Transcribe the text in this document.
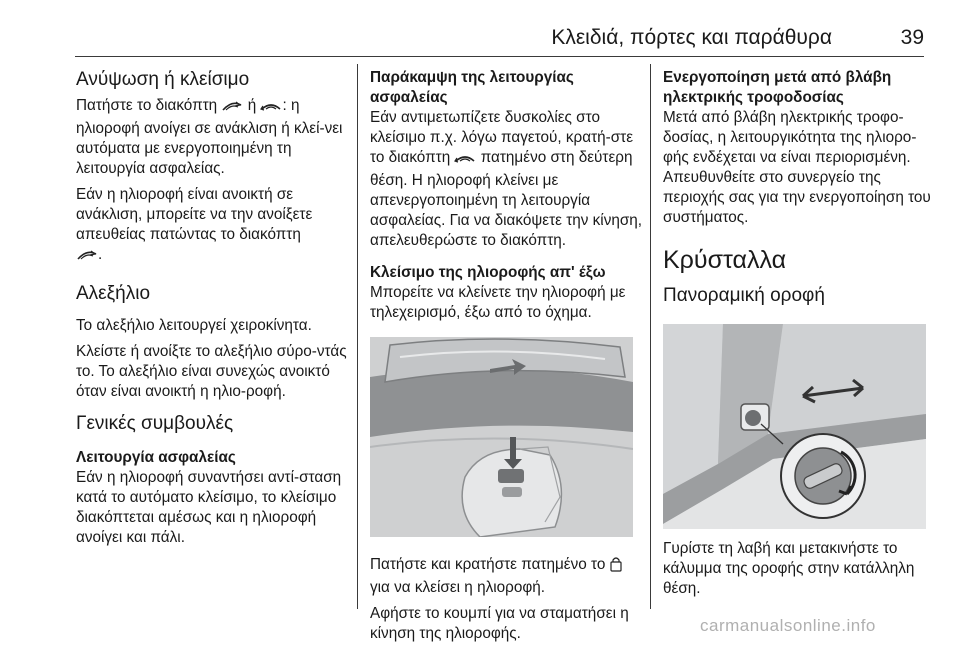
Κλειδιά, πόρτες και παράθυρα	39
Ανύψωση ή κλείσιμο

Πατήστε το διακόπτη ή : η ηλιοροφή ανοίγει σε ανάκλιση ή κλεί-νει αυτόματα με ενεργοποιημένη τη λειτουργία ασφαλείας.

Εάν η ηλιοροφή είναι ανοικτή σε ανάκλιση, μπορείτε να την ανοίξετε απευθείας πατώντας το διακόπτη
.

Αλεξήλιο

Το αλεξήλιο λειτουργεί χειροκίνητα.

Κλείστε ή ανοίξτε το αλεξήλιο σύρο-ντάς το. Το αλεξήλιο είναι συνεχώς ανοικτό όταν είναι ανοικτή η ηλιο-ροφή.

Γενικές συμβουλές
Λειτουργία ασφαλείας

Εάν η ηλιοροφή συναντήσει αντί-σταση κατά το αυτόματο κλείσιμο, το κλείσιμο διακόπτεται αμέσως και η ηλιοροφή ανοίγει και πάλι.

Παράκαμψη της λειτουργίας ασφαλείας

Εάν αντιμετωπίζετε δυσκολίες στο κλείσιμο π.χ. λόγω παγετού, κρατή-στε το διακόπτη πατημένο στη δεύτερη θέση. Η ηλιοροφή κλείνει με απενεργοποιημένη τη λειτουργία ασφαλείας. Για να διακόψετε την κίνηση, απελευθερώστε το διακόπτη.

Κλείσιμο της ηλιοροφής απ' έξω

Μπορείτε να κλείνετε την ηλιοροφή με τηλεχειρισμό, έξω από το όχημα.

Πατήστε και κρατήστε πατημένο το
για να κλείσει η ηλιοροφή.

Αφήστε το κουμπί για να σταματήσει η κίνηση της ηλιοροφής.

Ενεργοποίηση μετά από βλάβη ηλεκτρικής τροφοδοσίας

Μετά από βλάβη ηλεκτρικής τροφο-δοσίας, η λειτουργικότητα της ηλιορο-φής ενδέχεται να είναι περιορισμένη. Απευθυνθείτε στο συνεργείο της περιοχής σας για την ενεργοποίηση του συστήματος.

Κρύσταλλα
Πανοραμική οροφή

Γυρίστε τη λαβή και μετακινήστε το κάλυμμα της οροφής στην κατάλληλη θέση.

carmanualsonline.info
